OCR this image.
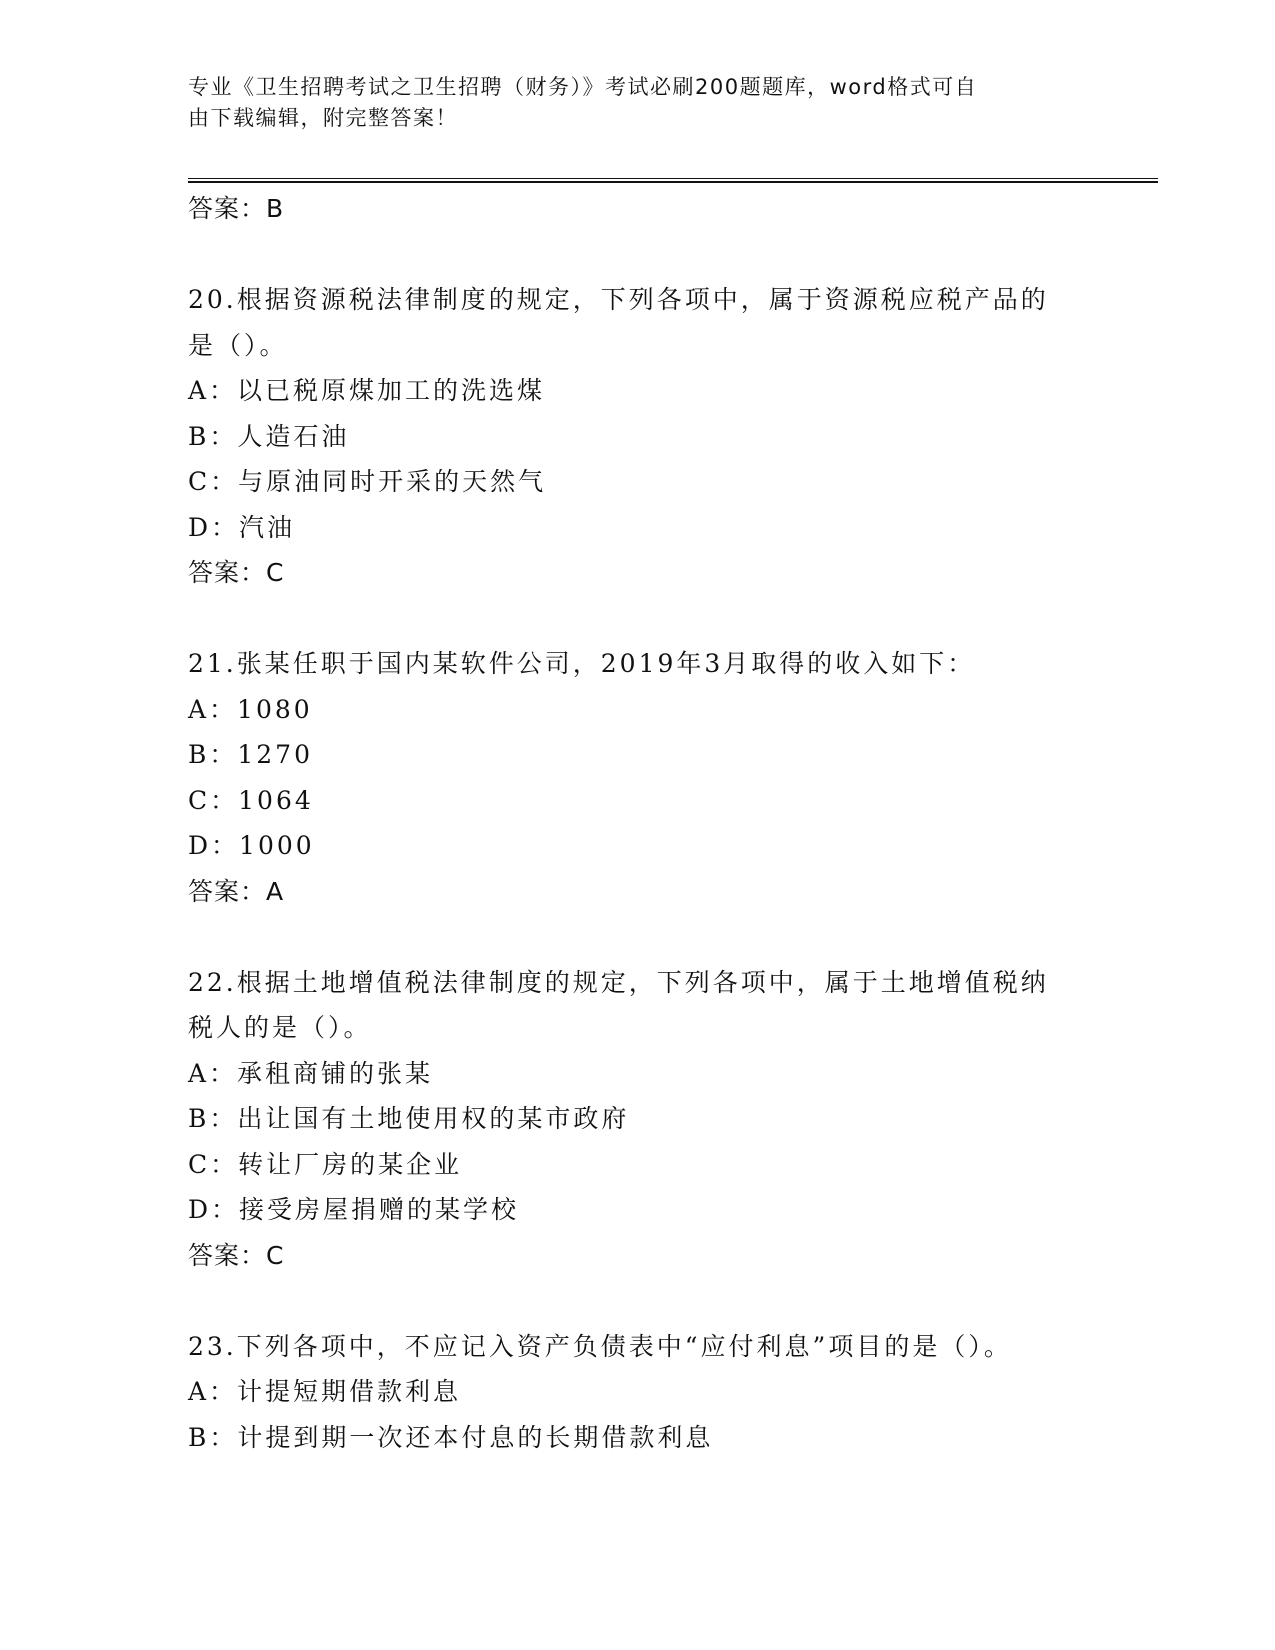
专业《卫生招聘考试之卫生招聘（财务）》考试必刷200题题库，word格式可自
由下载编辑，附完整答案！
答案：B
20.根据资源税法律制度的规定，下列各项中，属于资源税应税产品的
是（）。
A：以已税原煤加工的洗选煤
B：人造石油
C：与原油同时开采的天然气
D：汽油
答案：C
21.张某任职于国内某软件公司，2019年3月取得的收入如下：
A：1080
B：1270
C：1064
D：1000
答案：A
22.根据土地增值税法律制度的规定，下列各项中，属于土地增值税纳
税人的是（）。
A：承租商铺的张某
B：出让国有土地使用权的某市政府
C：转让厂房的某企业
D：接受房屋捐赠的某学校
答案：C
23.下列各项中，不应记入资产负债表中“应付利息”项目的是（）。
A：计提短期借款利息
B：计提到期一次还本付息的长期借款利息
